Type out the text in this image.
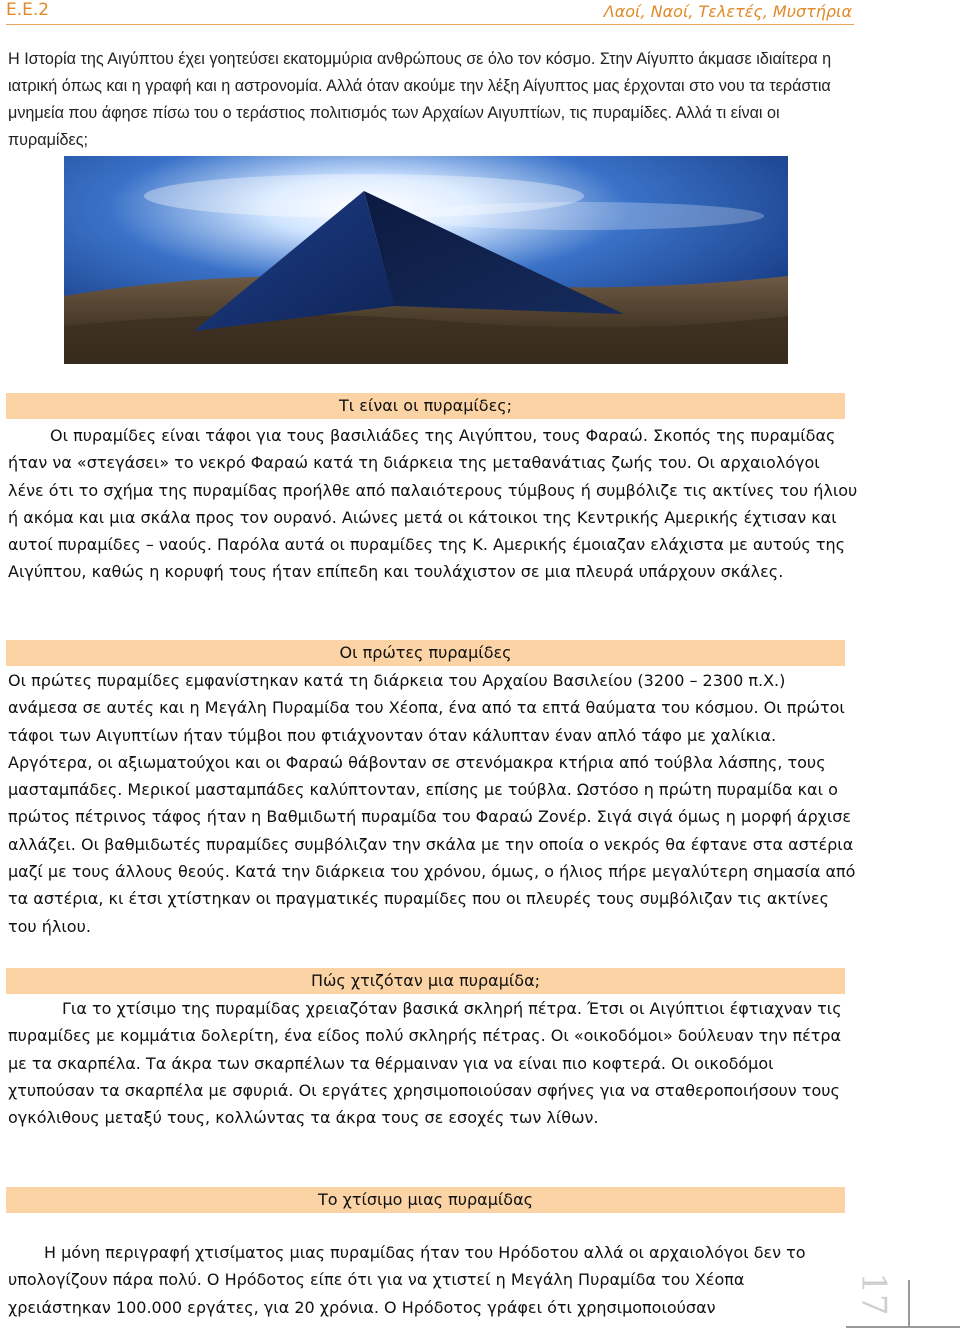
Ε.Ε.2	Λαοί, Ναοί, Τελετές, Μυστήρια

Η Ιστορία της Αιγύπτου έχει γοητεύσει εκατομμύρια ανθρώπους σε όλο τον κόσμο. Στην Αίγυπτο άκμασε ιδιαίτερα η ιατρική όπως και η γραφή και η αστρονομία. Αλλά όταν ακούμε την λέξη Αίγυπτος μας έρχονται στο νου τα τεράστια μνημεία που άφησε πίσω του ο τεράστιος πολιτισμός των Αρχαίων Αιγυπτίων, τις πυραμίδες. Αλλά τι είναι οι πυραμίδες;

Τι είναι οι πυραμίδες;

Οι πυραμίδες είναι τάφοι για τους βασιλιάδες της Αιγύπτου, τους Φαραώ. Σκοπός της πυραμίδας ήταν να «στεγάσει» το νεκρό Φαραώ κατά τη διάρκεια της μεταθανάτιας ζωής του. Οι αρχαιολόγοι λένε ότι το σχήμα της πυραμίδας προήλθε από παλαιότερους τύμβους ή συμβόλιζε τις ακτίνες του ήλιου ή ακόμα και μια σκάλα προς τον ουρανό. Αιώνες μετά οι κάτοικοι της Κεντρικής Αμερικής έχτισαν και αυτοί πυραμίδες – ναούς. Παρόλα αυτά οι πυραμίδες της Κ. Αμερικής έμοιαζαν ελάχιστα με αυτούς της Αιγύπτου, καθώς η κορυφή τους ήταν επίπεδη και τουλάχιστον σε μια πλευρά υπάρχουν σκάλες.

Οι πρώτες πυραμίδες

Οι πρώτες πυραμίδες εμφανίστηκαν κατά τη διάρκεια του Αρχαίου Βασιλείου (3200 – 2300 π.Χ.) ανάμεσα σε αυτές και η Μεγάλη Πυραμίδα του Χέοπα, ένα από τα επτά θαύματα του κόσμου. Οι πρώτοι τάφοι των Αιγυπτίων ήταν τύμβοι που φτιάχνονταν όταν κάλυπταν έναν απλό τάφο με χαλίκια. Αργότερα, οι αξιωματούχοι και οι Φαραώ θάβονταν σε στενόμακρα κτήρια από τούβλα λάσπης, τους μασταμπάδες. Μερικοί μασταμπάδες καλύπτονταν, επίσης με τούβλα. Ωστόσο η πρώτη πυραμίδα και ο πρώτος πέτρινος τάφος ήταν η Βαθμιδωτή πυραμίδα του Φαραώ Ζονέρ. Σιγά σιγά όμως η μορφή άρχισε αλλάζει. Οι βαθμιδωτές πυραμίδες συμβόλιζαν την σκάλα με την οποία ο νεκρός θα έφτανε στα αστέρια μαζί με τους άλλους θεούς. Κατά την διάρκεια του χρόνου, όμως, ο ήλιος πήρε μεγαλύτερη σημασία από τα αστέρια, κι έτσι χτίστηκαν οι πραγματικές πυραμίδες που οι πλευρές τους συμβόλιζαν τις ακτίνες του ήλιου.

Πώς χτιζόταν μια πυραμίδα;

Για το χτίσιμο της πυραμίδας χρειαζόταν βασικά σκληρή πέτρα. Έτσι οι Αιγύπτιοι έφτιαχναν τις πυραμίδες με κομμάτια δολερίτη, ένα είδος πολύ σκληρής πέτρας. Οι «οικοδόμοι» δούλευαν την πέτρα με τα σκαρπέλα. Τα άκρα των σκαρπέλων τα θέρμαιναν για να είναι πιο κοφτερά. Οι οικοδόμοι χτυπούσαν τα σκαρπέλα με σφυριά. Οι εργάτες χρησιμοποιούσαν σφήνες για να σταθεροποιήσουν τους ογκόλιθους μεταξύ τους, κολλώντας τα άκρα τους σε εσοχές των λίθων.

Το χτίσιμο μιας πυραμίδας

Η μόνη περιγραφή χτισίματος μιας πυραμίδας ήταν του Ηρόδοτου αλλά οι αρχαιολόγοι δεν το υπολογίζουν πάρα πολύ. Ο Ηρόδοτος είπε ότι για να χτιστεί η Μεγάλη Πυραμίδα του Χέοπα χρειάστηκαν 100.000 εργάτες, για 20 χρόνια. Ο Ηρόδοτος γράφει ότι χρησιμοποιούσαν	17
